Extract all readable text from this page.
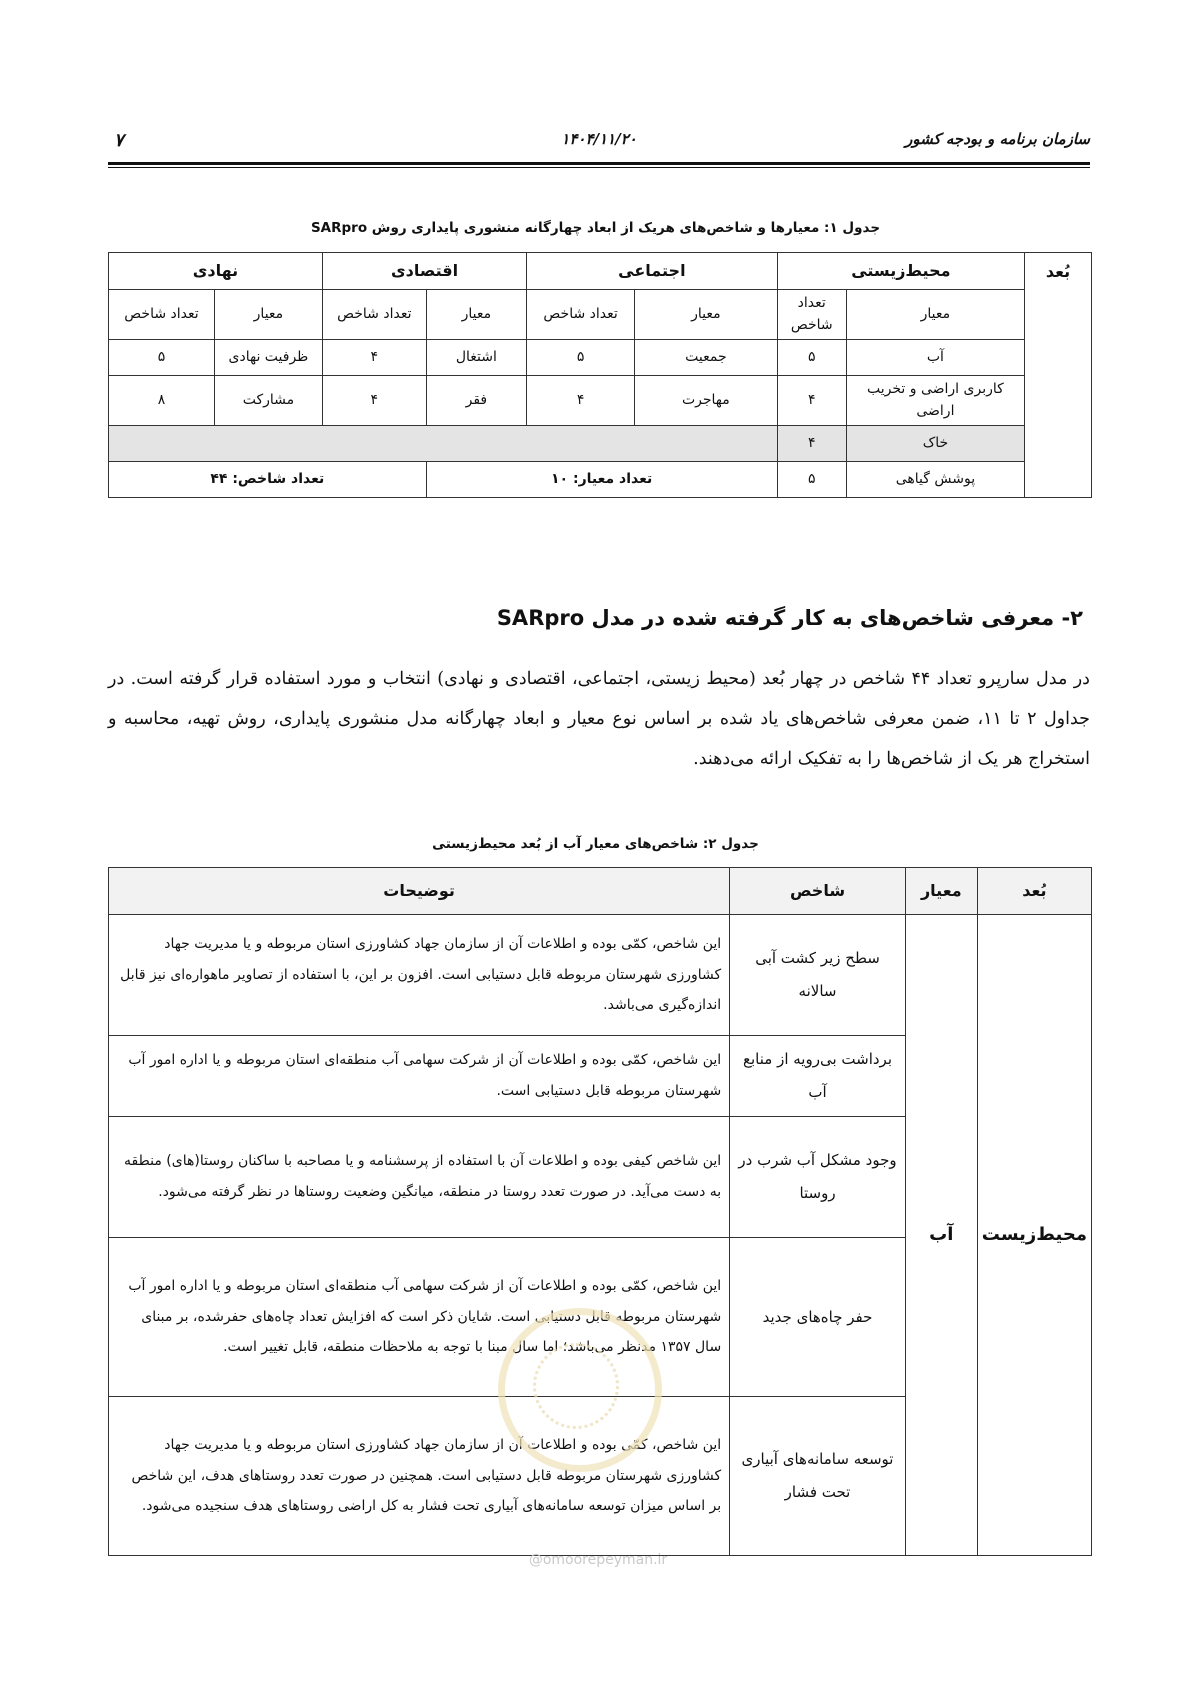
سازمان برنامه و بودجه کشور
۱۴۰۴/۱۱/۲۰
۷
جدول ۱: معیارها و شاخص‌های هریک از ابعاد چهارگانه منشوری پایداری روش SARpro
بُعد	محیط‌زیستی		اجتماعی		اقتصادی		نهادی	
	معیار	تعداد شاخص	معیار	تعداد شاخص	معیار	تعداد شاخص	معیار	تعداد شاخص
	آب	۵	جمعیت	۵	اشتغال	۴	ظرفیت نهادی	۵
	کاربری اراضی و تخریب اراضی	۴	مهاجرت	۴	فقر	۴	مشارکت	۸
	خاک	۴						
	پوشش گیاهی	۵	تعداد معیار: ۱۰			تعداد شاخص: ۴۴		
۲- معرفی شاخص‌های به کار گرفته شده در مدل SARpro
در مدل سارپرو تعداد ۴۴ شاخص در چهار بُعد (محیط زیستی، اجتماعی، اقتصادی و نهادی) انتخاب و مورد استفاده قرار گرفته است. در جداول ۲ تا ۱۱، ضمن معرفی شاخص‌های یاد شده بر اساس نوع معیار و ابعاد چهارگانه مدل منشوری پایداری، روش تهیه، محاسبه و استخراج هر یک از شاخص‌ها را به تفکیک ارائه می‌دهند.
جدول ۲: شاخص‌های معیار آب از بُعد محیط‌زیستی
بُعد	معیار	شاخص	توضیحات
محیط‌زیست	آب	سطح زیر کشت آبی سالانه	این شاخص، کمّی بوده و اطلاعات آن از سازمان جهاد کشاورزی استان مربوطه و یا مدیریت جهاد کشاورزی شهرستان مربوطه قابل دستیابی است. افزون بر این، با استفاده از تصاویر ماهواره‌ای نیز قابل اندازه‌گیری می‌باشد.
		برداشت بی‌رویه از منابع آب	این شاخص، کمّی بوده و اطلاعات آن از شرکت سهامی آب منطقه‌ای استان مربوطه و یا اداره امور آب شهرستان مربوطه قابل دستیابی است.
		وجود مشکل آب شرب در روستا	این شاخص کیفی بوده و اطلاعات آن با استفاده از پرسشنامه و یا مصاحبه با ساکنان روستا(های) منطقه به دست می‌آید. در صورت تعدد روستا در منطقه، میانگین وضعیت روستاها در نظر گرفته می‌شود.
		حفر چاه‌های جدید	این شاخص، کمّی بوده و اطلاعات آن از شرکت سهامی آب منطقه‌ای استان مربوطه و یا اداره امور آب شهرستان مربوطه قابل دستیابی است. شایان ذکر است که افزایش تعداد چاه‌های حفرشده، بر مبنای سال ۱۳۵۷ مدنظر می‌باشد؛ اما سال مبنا با توجه به ملاحظات منطقه، قابل تغییر است.
		توسعه سامانه‌های آبیاری تحت فشار	این شاخص، کمّی بوده و اطلاعات آن از سازمان جهاد کشاورزی استان مربوطه و یا مدیریت جهاد کشاورزی شهرستان مربوطه قابل دستیابی است. همچنین در صورت تعدد روستاهای هدف، این شاخص بر اساس میزان توسعه سامانه‌های آبیاری تحت فشار به کل اراضی روستاهای هدف سنجیده می‌شود.
@omoorepeyman.ir
